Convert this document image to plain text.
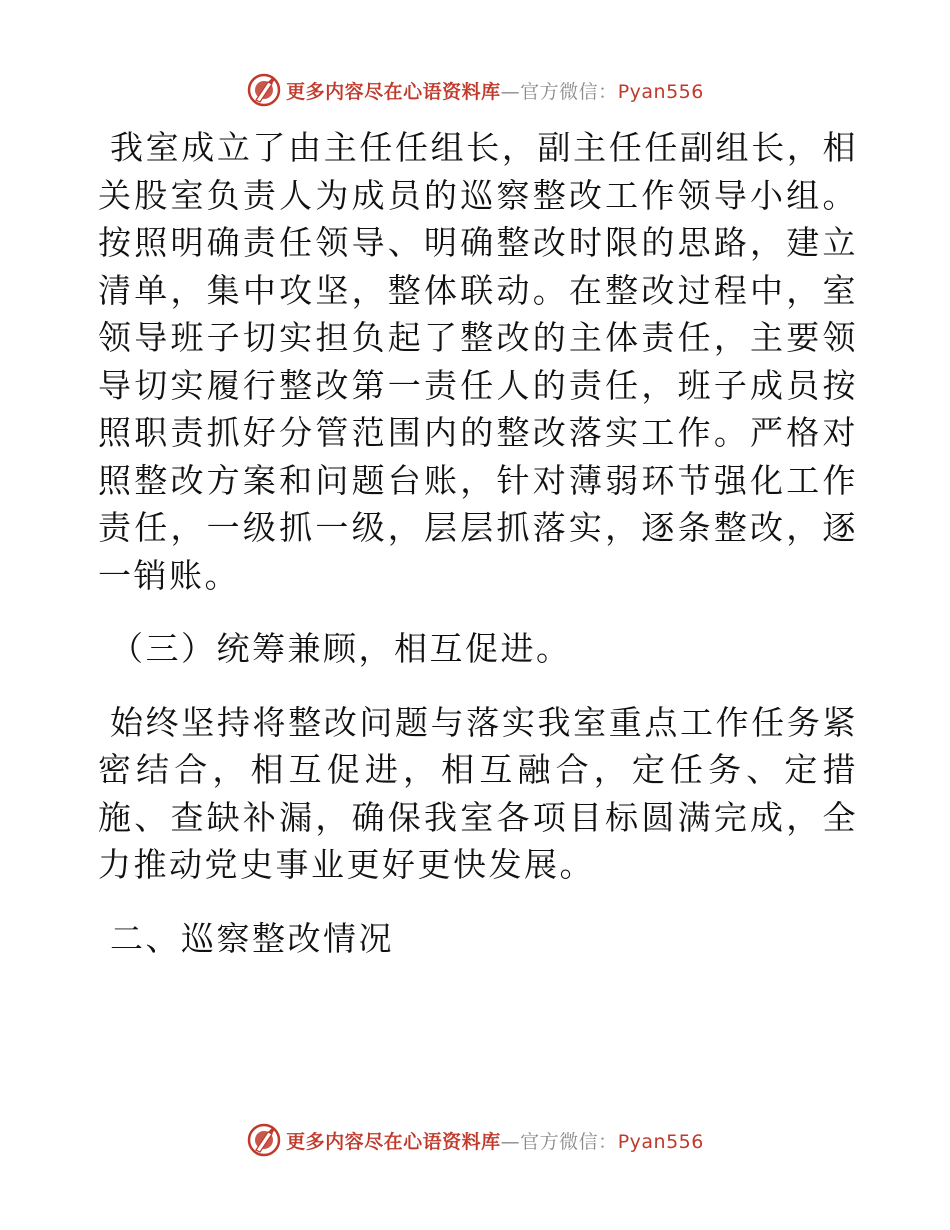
更多内容尽在心语资料库—官方微信：Pyan556

我室成立了由主任任组长，副主任任副组长，相关股室负责人为成员的巡察整改工作领导小组。按照明确责任领导、明确整改时限的思路，建立清单，集中攻坚，整体联动。在整改过程中，室领导班子切实担负起了整改的主体责任，主要领导切实履行整改第一责任人的责任，班子成员按照职责抓好分管范围内的整改落实工作。严格对照整改方案和问题台账，针对薄弱环节强化工作责任，一级抓一级，层层抓落实，逐条整改，逐一销账。

（三）统筹兼顾，相互促进。

始终坚持将整改问题与落实我室重点工作任务紧密结合，相互促进，相互融合，定任务、定措施、查缺补漏，确保我室各项目标圆满完成，全力推动党史事业更好更快发展。

二、巡察整改情况

更多内容尽在心语资料库—官方微信：Pyan556
